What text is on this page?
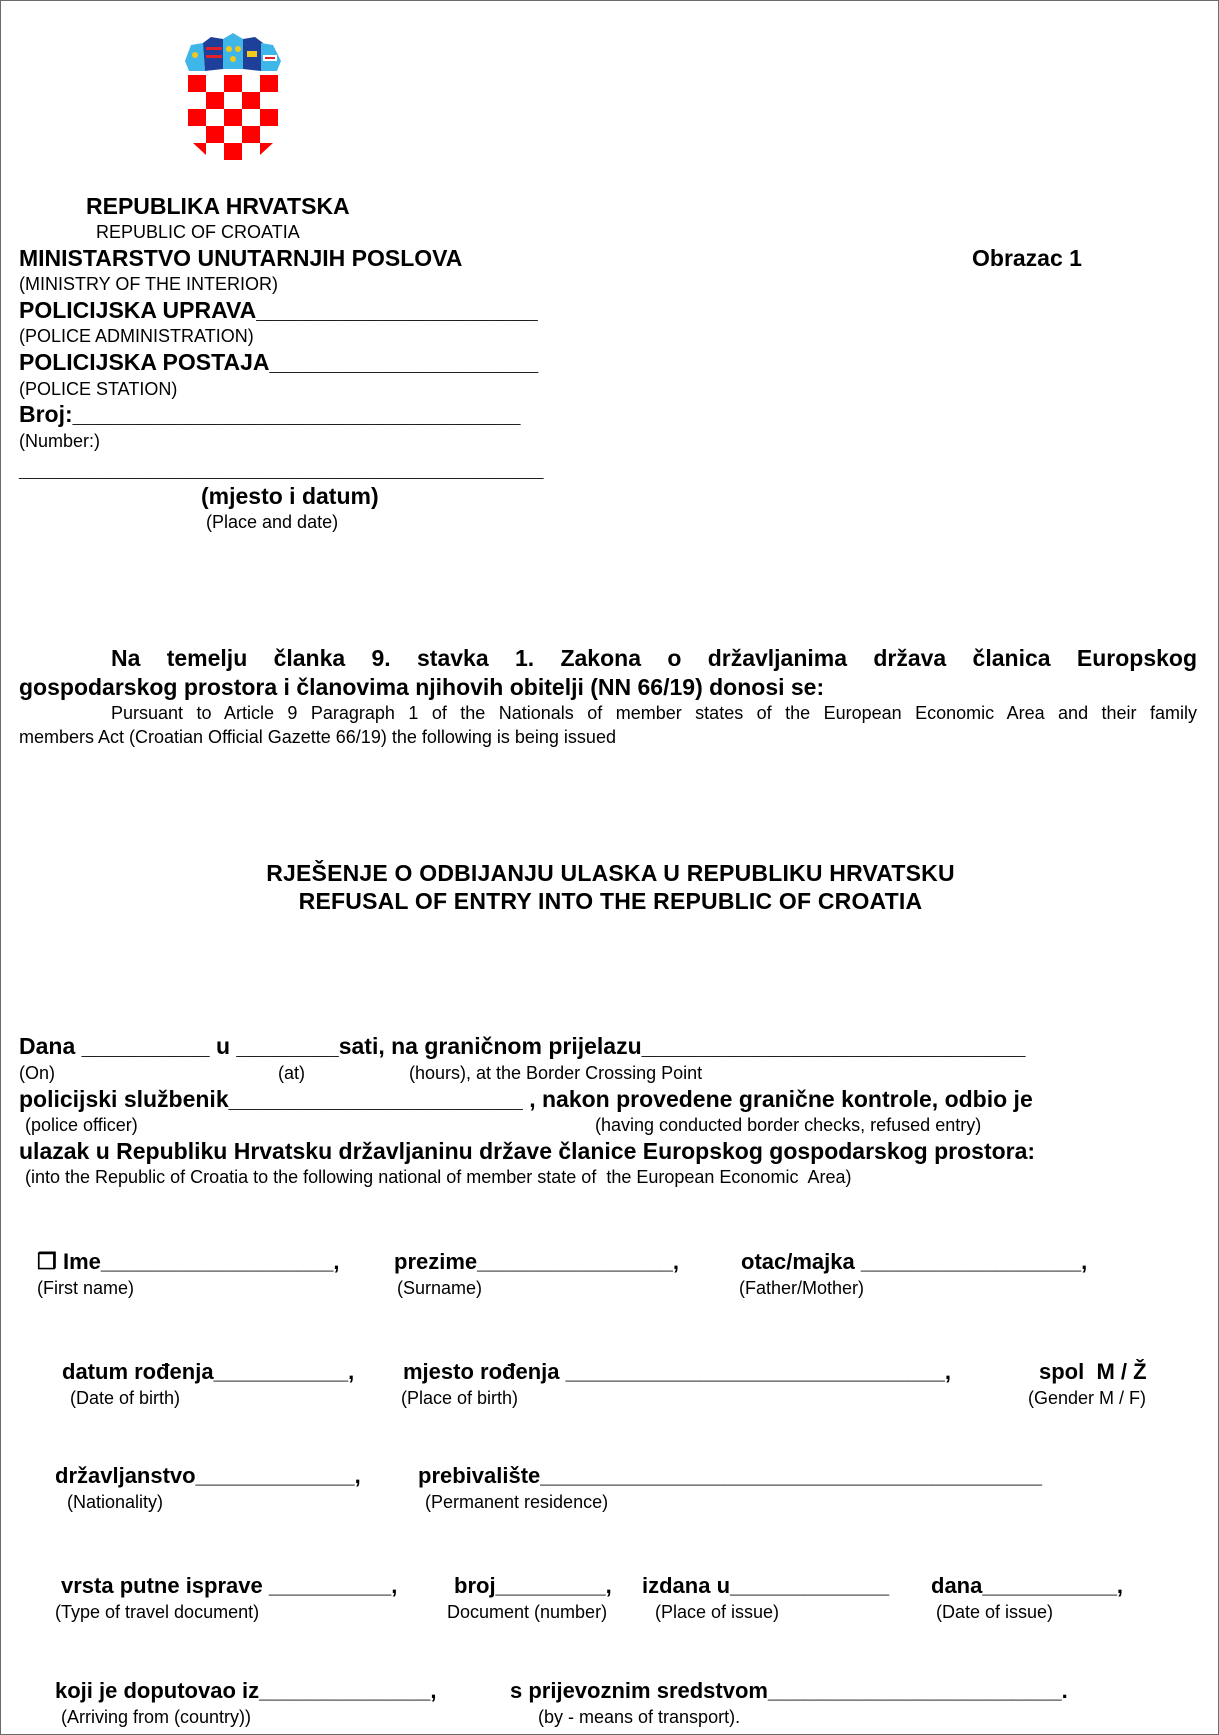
REPUBLIKA HRVATSKA
REPUBLIC OF CROATIA
MINISTARSTVO UNUTARNJIH POSLOVA	Obrazac 1
(MINISTRY OF THE INTERIOR)
POLICIJSKA UPRAVA______________________
(POLICE ADMINISTRATION)
POLICIJSKA POSTAJA_____________________
(POLICE STATION)
Broj:___________________________________
(Number:)
_________________________________________
(mjesto i datum)
(Place and date)
Na temelju članka 9. stavka 1. Zakona o državljanima država članica Europskog
gospodarskog prostora i članovima njihovih obitelji (NN 66/19) donosi se:
Pursuant to Article 9 Paragraph 1 of the Nationals of member states of the European Economic Area and their family
members Act (Croatian Official Gazette 66/19) the following is being issued
RJEŠENJE O ODBIJANJU ULASKA U REPUBLIKU HRVATSKU
REFUSAL OF ENTRY INTO THE REPUBLIC OF CROATIA
Dana __________ u ________sati, na graničnom prijelazu______________________________
(On)	(at)	(hours), at the Border Crossing Point
policijski službenik_______________________ , nakon provedene granične kontrole, odbio je
(police officer)	(having conducted border checks, refused entry)
ulazak u Republiku Hrvatsku državljaninu države članice Europskog gospodarskog prostora:
(into the Republic of Croatia to the following national of member state of  the European Economic  Area)
❒ Ime___________________, prezime________________,	otac/majka __________________,
(First name)	(Surname)	(Father/Mother)
datum rođenja___________, mjesto rođenja _______________________________,	spol  M / Ž
(Date of birth)	(Place of birth)	(Gender M / F)
državljanstvo_____________,	prebivalište_________________________________________
(Nationality)	(Permanent residence)
vrsta putne isprave __________,	broj_________, izdana u_____________ dana___________,
(Type of travel document)	Document (number)	(Place of issue)	(Date of issue)
koji je doputovao iz______________,	s prijevoznim sredstvom________________________.
(Arriving from (country))	(by - means of transport).
